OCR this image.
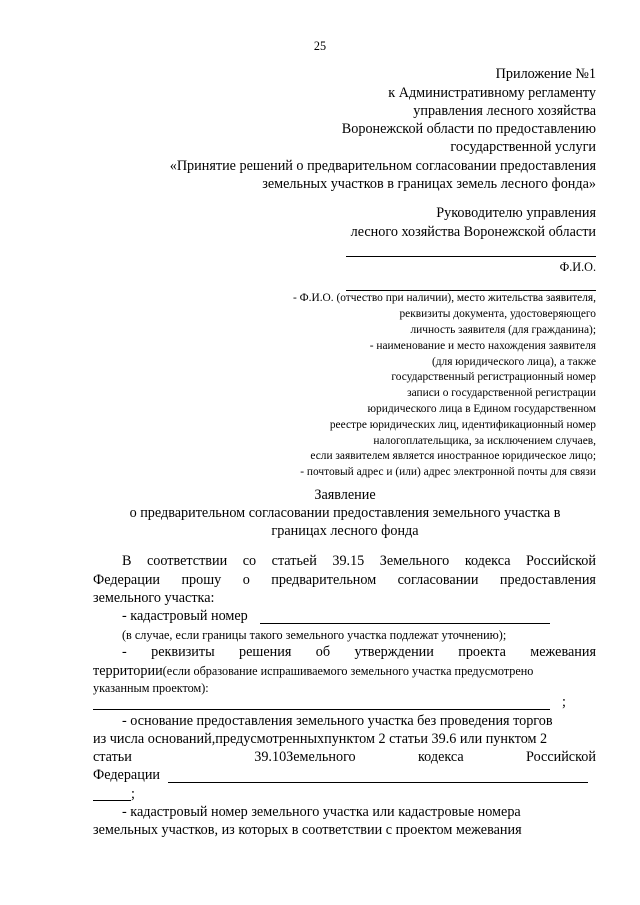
25
Приложение №1
к Административному регламенту
управления лесного хозяйства
Воронежской области по предоставлению
государственной услуги
«Принятие решений о предварительном согласовании предоставления
земельных участков в границах земель лесного фонда»
Руководителю управления
лесного хозяйства Воронежской области
Ф.И.О.
- Ф.И.О. (отчество при наличии), место жительства заявителя,
реквизиты документа, удостоверяющего
личность заявителя (для гражданина);
- наименование и место нахождения заявителя
(для юридического лица), а также
государственный регистрационный номер
записи о государственной регистрации
юридического лица в Едином государственном
реестре юридических лиц, идентификационный номер
налогоплательщика, за исключением случаев,
если заявителем является иностранное юридическое лицо;
- почтовый адрес и (или) адрес электронной почты для связи
Заявление
о предварительном согласовании предоставления земельного участка в
границах лесного фонда
В соответствии со статьей 39.15 Земельного кодекса Российской
Федерации прошу о предварительном согласовании предоставления
земельного участка:
- кадастровый номер
(в случае, если границы такого земельного участка подлежат уточнению);
- реквизиты решения об утверждении проекта межевания
территории(если образование испрашиваемого земельного участка предусмотрено
указанным проектом):
;
- основание предоставления земельного участка без проведения торгов
из числа оснований,предусмотренныхпунктом 2 статьи 39.6 или пунктом 2
статьи	39.10Земельного	кодекса	Российской
Федерации
;
- кадастровый номер земельного участка или кадастровые номера
земельных участков, из которых в соответствии с проектом межевания
